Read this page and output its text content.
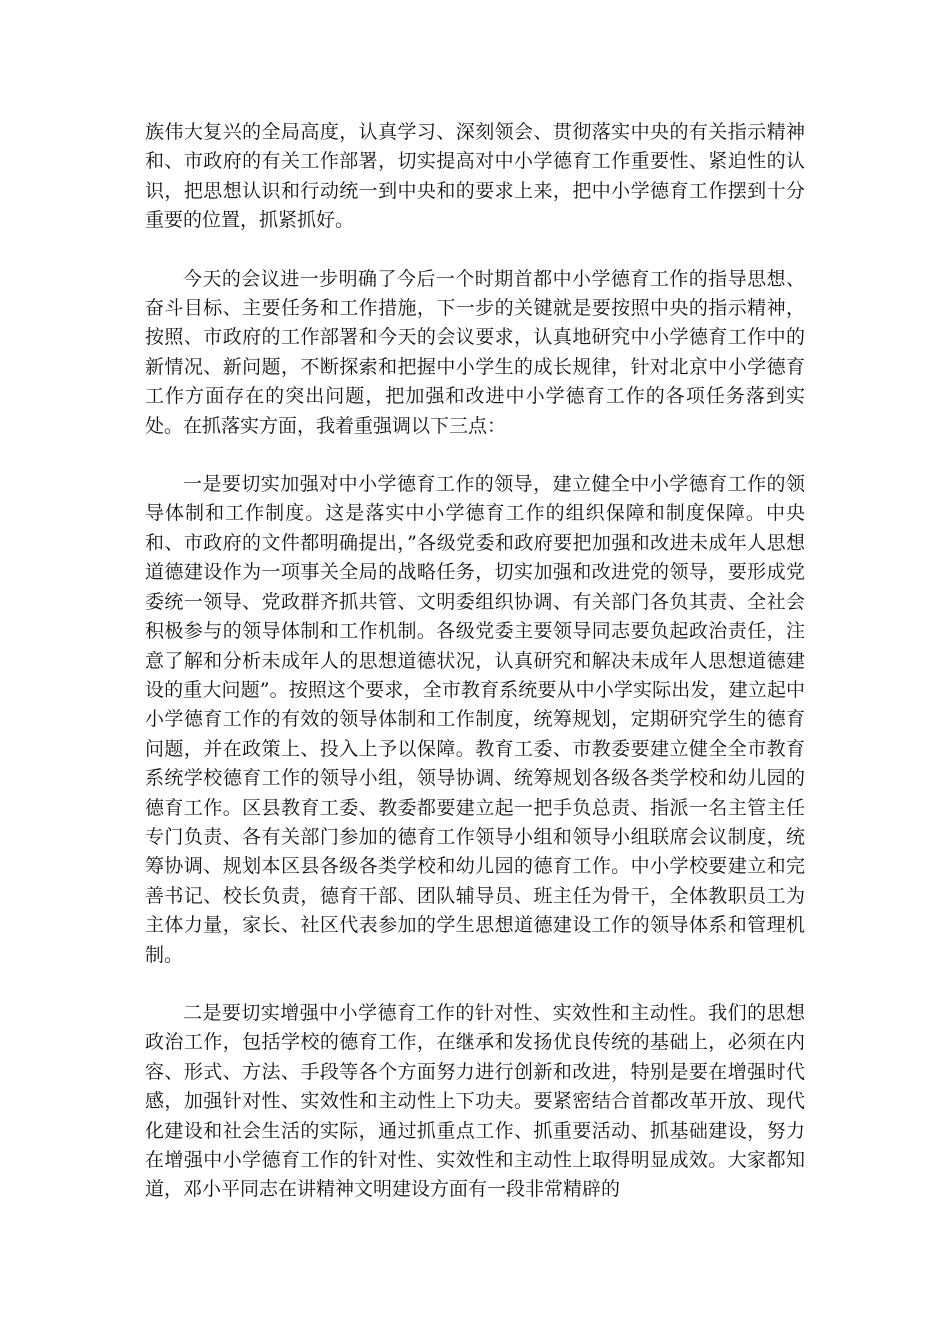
族伟大复兴的全局高度，认真学习、深刻领会、贯彻落实中央的有关指示精神和、市政府的有关工作部署，切实提高对中小学德育工作重要性、紧迫性的认识，把思想认识和行动统一到中央和的要求上来，把中小学德育工作摆到十分重要的位置，抓紧抓好。

今天的会议进一步明确了今后一个时期首都中小学德育工作的指导思想、奋斗目标、主要任务和工作措施，下一步的关键就是要按照中央的指示精神，按照、市政府的工作部署和今天的会议要求，认真地研究中小学德育工作中的新情况、新问题，不断探索和把握中小学生的成长规律，针对北京中小学德育工作方面存在的突出问题，把加强和改进中小学德育工作的各项任务落到实处。在抓落实方面，我着重强调以下三点：

一是要切实加强对中小学德育工作的领导，建立健全中小学德育工作的领导体制和工作制度。这是落实中小学德育工作的组织保障和制度保障。中央和、市政府的文件都明确提出，”各级党委和政府要把加强和改进未成年人思想道德建设作为一项事关全局的战略任务，切实加强和改进党的领导，要形成党委统一领导、党政群齐抓共管、文明委组织协调、有关部门各负其责、全社会积极参与的领导体制和工作机制。各级党委主要领导同志要负起政治责任，注意了解和分析未成年人的思想道德状况，认真研究和解决未成年人思想道德建设的重大问题”。按照这个要求，全市教育系统要从中小学实际出发，建立起中小学德育工作的有效的领导体制和工作制度，统筹规划，定期研究学生的德育问题，并在政策上、投入上予以保障。教育工委、市教委要建立健全全市教育系统学校德育工作的领导小组，领导协调、统筹规划各级各类学校和幼儿园的德育工作。区县教育工委、教委都要建立起一把手负总责、指派一名主管主任专门负责、各有关部门参加的德育工作领导小组和领导小组联席会议制度，统筹协调、规划本区县各级各类学校和幼儿园的德育工作。中小学校要建立和完善书记、校长负责，德育干部、团队辅导员、班主任为骨干，全体教职员工为主体力量，家长、社区代表参加的学生思想道德建设工作的领导体系和管理机制。

二是要切实增强中小学德育工作的针对性、实效性和主动性。我们的思想政治工作，包括学校的德育工作，在继承和发扬优良传统的基础上，必须在内容、形式、方法、手段等各个方面努力进行创新和改进，特别是要在增强时代感，加强针对性、实效性和主动性上下功夫。要紧密结合首都改革开放、现代化建设和社会生活的实际，通过抓重点工作、抓重要活动、抓基础建设，努力在增强中小学德育工作的针对性、实效性和主动性上取得明显成效。大家都知道，邓小平同志在讲精神文明建设方面有一段非常精辟的
